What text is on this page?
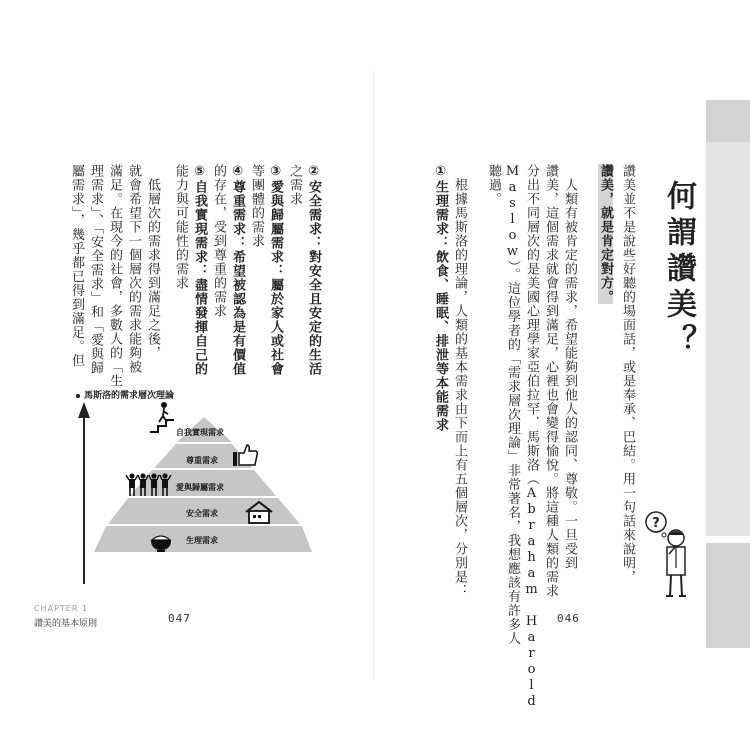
何謂讚美？
讚美並不是說些好聽的場面話，或是奉承、巴結。用一句話來說明，
讚美，就是肯定對方。
人類有被肯定的需求，希望能夠到他人的認同、尊敬。一旦受到
讚美，這個需求就會得到滿足，心裡也會變得愉悅。將這種人類的需求
分出不同層次的是美國心理學家亞伯拉罕．馬斯洛（Abraham Harold
Maslow）。這位學者的「需求層次理論」非常著名，我想應該有許多人
聽過。
根據馬斯洛的理論，人類的基本需求由下而上有五個層次，分別是：
①生理需求：飲食、睡眠、排泄等本能需求
?
046
②安全需求：對安全且安定的生活
之需求
③愛與歸屬需求：屬於家人或社會
等團體的需求
④尊重需求：希望被認為是有價值
的存在，受到尊重的需求
⑤自我實現需求：盡情發揮自己的
能力與可能性的需求
低層次的需求得到滿足之後，
就會希望下一個層次的需求能夠被
滿足。在現今的社會，多數人的「生
理需求」、「安全需求」和「愛與歸
屬需求」，幾乎都已得到滿足。但
馬斯洛的需求層次理論
自我實現需求
尊重需求
愛與歸屬需求
安全需求
生理需求
CHAPTER 1
讚美的基本原則	047
